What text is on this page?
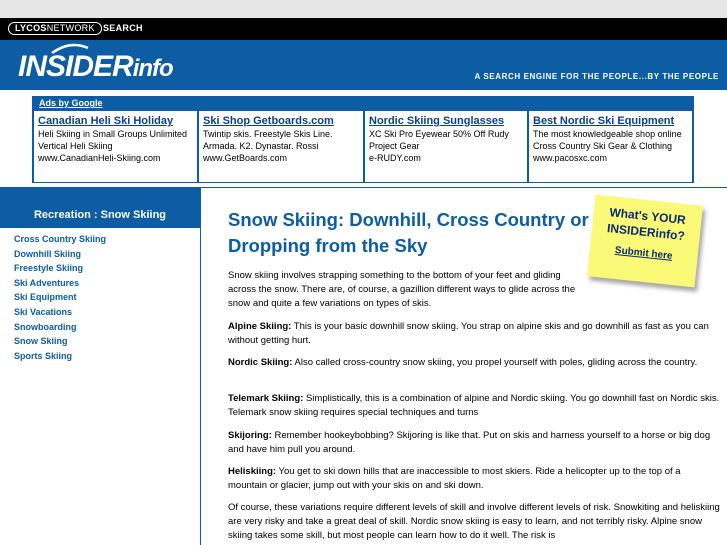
LYCOSNETWORK SEARCH
INSIDERinfo	A SEARCH ENGINE FOR THE PEOPLE...BY THE PEOPLE
Ads by Google
Canadian Heli Ski Holiday
Heli Skiing in Small Groups Unlimited Vertical Heli Skiing
www.CanadianHeli-Skiing.com
Ski Shop Getboards.com
Twintip skis. Freestyle Skis Line. Armada. K2. Dynastar. Rossi
www.GetBoards.com
Nordic Skiing Sunglasses
XC Ski Pro Eyewear 50% Off Rudy Project Gear
e-RUDY.com
Best Nordic Ski Equipment
The most knowledgeable shop online Cross Country Ski Gear & Clothing
www.pacosxc.com
Recreation : Snow Skiing
Cross Country Skiing
Downhill Skiing
Freestyle Skiing
Ski Adventures
Ski Equipment
Ski Vacations
Snowboarding
Snow Skiing
Sports Skiing
Snow Skiing: Downhill, Cross Country or Dropping from the Sky

Snow skiing involves strapping something to the bottom of your feet and gliding across the snow. There are, of course, a gazillion different ways to glide across the snow and quite a few variations on types of skis.

Alpine Skiing: This is your basic downhill snow skiing. You strap on alpine skis and go downhill as fast as you can without getting hurt.

Nordic Skiing: Also called cross-country snow skiing, you propel yourself with poles, gliding across the country.

Telemark Skiing: Simplistically, this is a combination of alpine and Nordic skiing. You go downhill fast on Nordic skis. Telemark snow skiing requires special techniques and turns

Skijoring: Remember hookeybobbing? Skijoring is like that. Put on skis and harness yourself to a horse or big dog and have him pull you around.

Heliskiing: You get to ski down hills that are inaccessible to most skiers. Ride a helicopter up to the top of a mountain or glacier, jump out with your skis on and ski down.

Of course, these variations require different levels of skill and involve different levels of risk. Snowkiting and heliskiing are very risky and take a great deal of skill. Nordic snow skiing is easy to learn, and not terribly risky. Alpine snow skiing takes some skill, but most people can learn how to do it well. The risk is

What's YOUR
INSIDERinfo?
Submit here
